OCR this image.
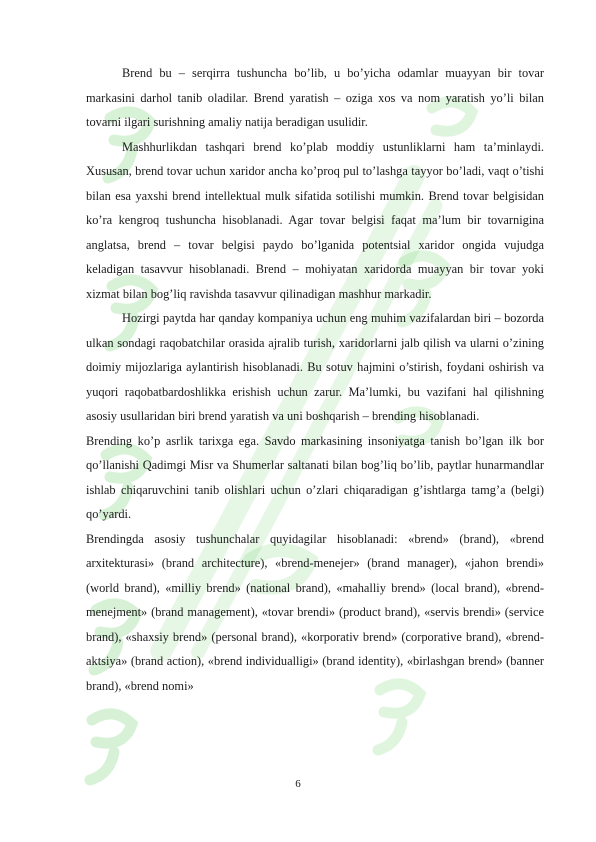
Brend bu – serqirra tushuncha bo’lib, u bo’yicha odamlar muayyan bir tovar markasini darhol tanib oladilar. Brend yaratish – oziga xos va nom yaratish yo’li bilan tovarni ilgari surishning amaliy natija beradigan usulidir.

Mashhurlikdan tashqari brend ko’plab moddiy ustunliklarni ham ta’minlaydi. Xususan, brend tovar uchun xaridor ancha ko’proq pul to’lashga tayyor bo’ladi, vaqt o’tishi bilan esa yaxshi brend intellektual mulk sifatida sotilishi mumkin. Brend tovar belgisidan ko’ra kengroq tushuncha hisoblanadi. Agar tovar belgisi faqat ma’lum bir tovarnigina anglatsa, brend – tovar belgisi paydo bo’lganida potentsial xaridor ongida vujudga keladigan tasavvur hisoblanadi. Brend – mohiyatan xaridorda muayyan bir tovar yoki xizmat bilan bog’liq ravishda tasavvur qilinadigan mashhur markadir.

Hozirgi paytda har qanday kompaniya uchun eng muhim vazifalardan biri – bozorda ulkan sondagi raqobatchilar orasida ajralib turish, xaridorlarni jalb qilish va ularni o’zining doimiy mijozlariga aylantirish hisoblanadi. Bu sotuv hajmini o’stirish, foydani oshirish va yuqori raqobatbardoshlikka erishish uchun zarur. Ma’lumki, bu vazifani hal qilishning asosiy usullaridan biri brend yaratish va uni boshqarish – brending hisoblanadi.

Brending ko’p asrlik tarixga ega. Savdo markasining insoniyatga tanish bo’lgan ilk bor qo’llanishi Qadimgi Misr va Shumerlar saltanati bilan bog’liq bo’lib, paytlar hunarmandlar ishlab chiqaruvchini tanib olishlari uchun o’zlari chiqaradigan g’ishtlarga tamg’a (belgi) qo’yardi.

Brendingda asosiy tushunchalar quyidagilar hisoblanadi: «brend» (brand), «brend arxitekturasi» (brand architecture), «brend-menejer» (brand manager), «jahon brendi» (world brand), «milliy brend» (national brand), «mahalliy brend» (local brand), «brend-menejment» (brand management), «tovar brendi» (product brand), «servis brendi» (service brand), «shaxsiy brend» (personal brand), «korporativ brend» (corporative brand), «brend-aktsiya» (brand action), «brend individualligi» (brand identity), «birlashgan brend» (banner brand), «brend nomi»

6
